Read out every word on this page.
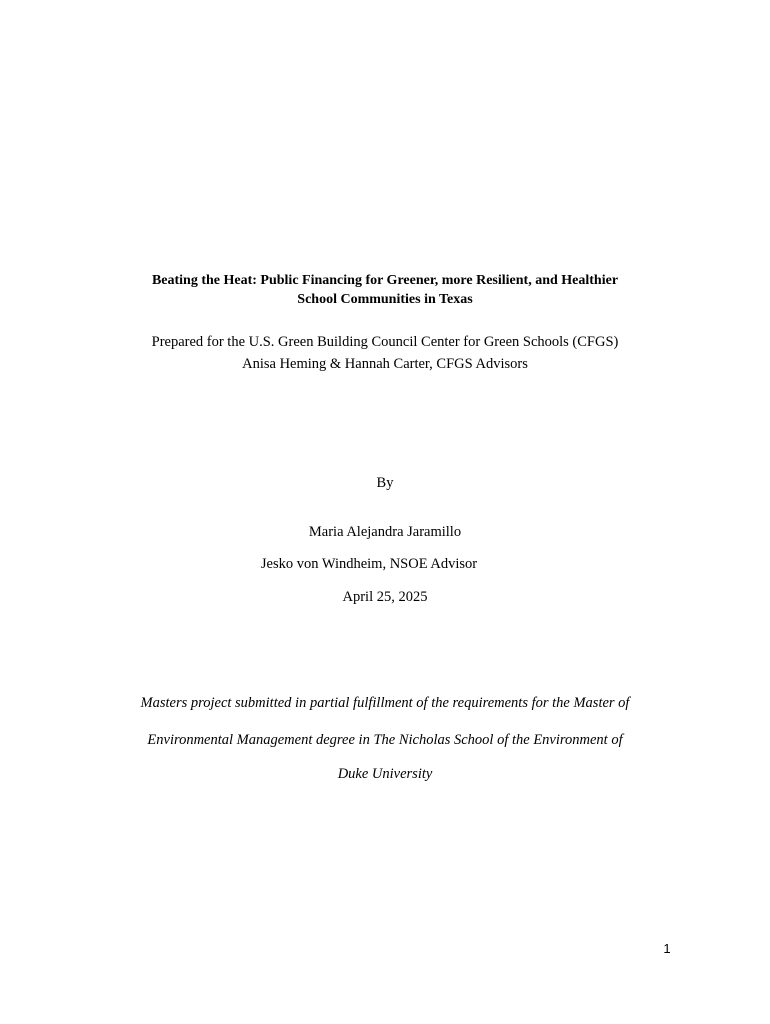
Beating the Heat: Public Financing for Greener, more Resilient, and Healthier
School Communities in Texas
Prepared for the U.S. Green Building Council Center for Green Schools (CFGS)
Anisa Heming & Hannah Carter, CFGS Advisors
By
Maria Alejandra Jaramillo
Jesko von Windheim, NSOE Advisor
April 25, 2025
Masters project submitted in partial fulfillment of the requirements for the Master of
Environmental Management degree in The Nicholas School of the Environment of
Duke University
1
